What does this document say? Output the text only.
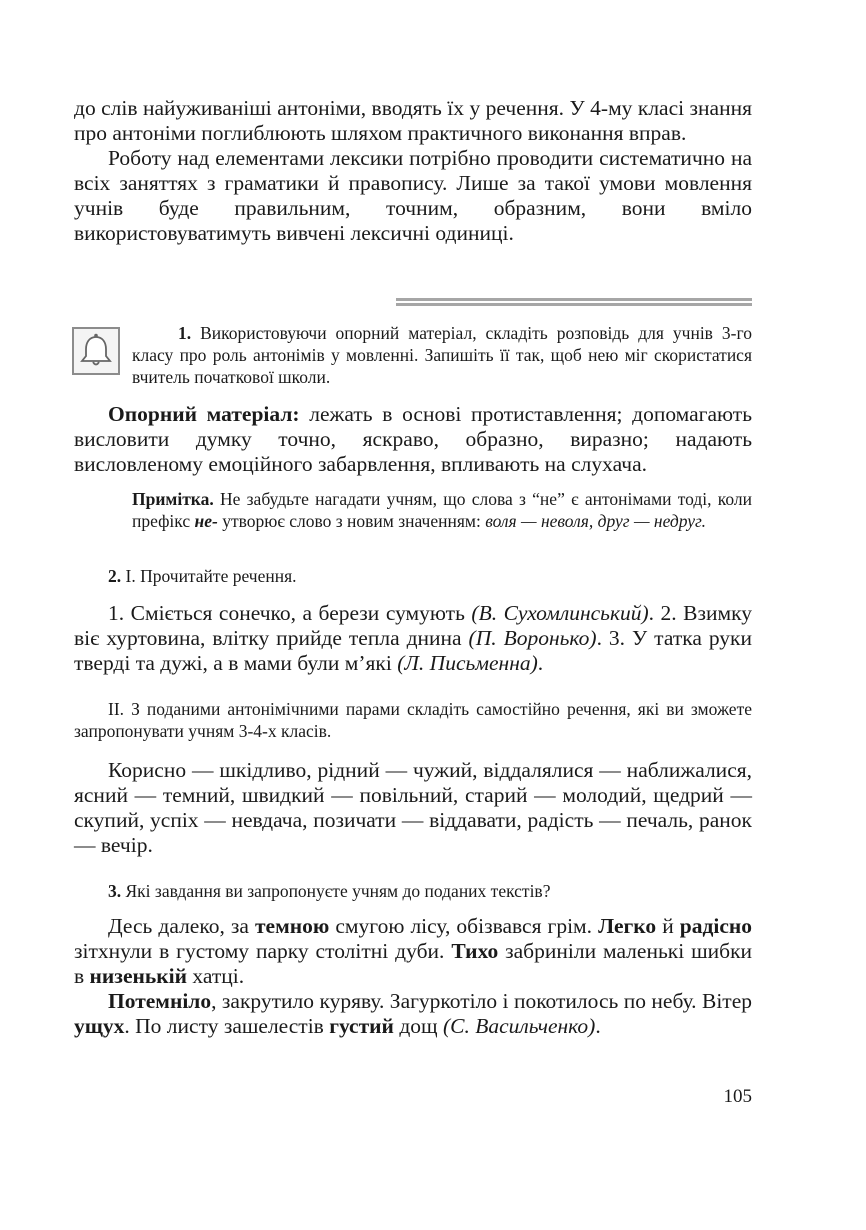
до слів найуживаніші антоніми, вводять їх у речення. У 4-му класі знання про антоніми поглиблюють шляхом практичного виконання вправ.

Роботу над елементами лексики потрібно проводити систематично на всіх заняттях з граматики й правопису. Лише за такої умови мовлення учнів буде правильним, точним, образним, вони вміло використовуватимуть вивчені лексичні одиниці.

1. Використовуючи опорний матеріал, складіть розповідь для учнів 3-го класу про роль антонімів у мовленні. Запишіть її так, щоб нею міг скористатися вчитель початкової школи.

Опорний матеріал: лежать в основі протиставлення; допомагають висловити думку точно, яскраво, образно, виразно; надають висловленому емоційного забарвлення, впливають на слухача.

Примітка. Не забудьте нагадати учням, що слова з “не” є антонімами тоді, коли префікс не- утворює слово з новим значенням: воля — неволя, друг — недруг.

2. І. Прочитайте речення.

1. Сміється сонечко, а берези сумують (В. Сухомлинський). 2. Взимку віє хуртовина, влітку прийде тепла днина (П. Воронько). 3. У татка руки тверді та дужі, а в мами були м’які (Л. Письменна).

ІІ. З поданими антонімічними парами складіть самостійно речення, які ви зможете запропонувати учням 3-4-х класів.

Корисно — шкідливо, рідний — чужий, віддалялися — наближалися, ясний — темний, швидкий — повільний, старий — молодий, щедрий — скупий, успіх — невдача, позичати — віддавати, радість — печаль, ранок — вечір.

3. Які завдання ви запропонуєте учням до поданих текстів?

Десь далеко, за темною смугою лісу, обізвався грім. Легко й радісно зітхнули в густому парку столітні дуби. Тихо забриніли маленькі шибки в низенькій хатці.

Потемніло, закрутило куряву. Загуркотіло і покотилось по небу. Вітер ущух. По листу зашелестів густий дощ (С. Васильченко).

105
